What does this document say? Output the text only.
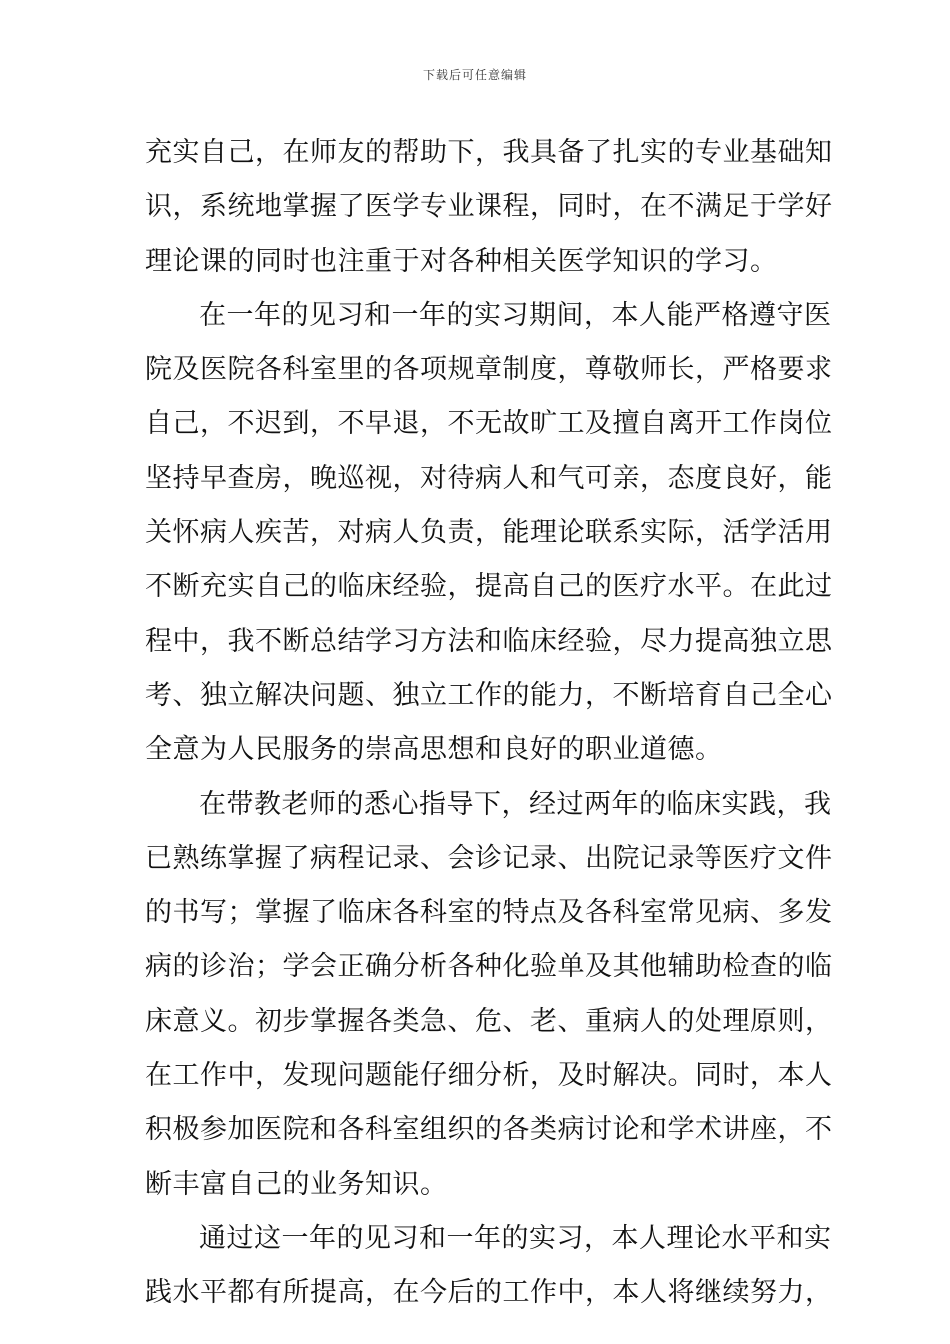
下载后可任意编辑
充实自己，在师友的帮助下，我具备了扎实的专业基础知
识，系统地掌握了医学专业课程，同时，在不满足于学好
理论课的同时也注重于对各种相关医学知识的学习。
在一年的见习和一年的实习期间，本人能严格遵守医
院及医院各科室里的各项规章制度，尊敬师长，严格要求
自己，不迟到，不早退，不无故旷工及擅自离开工作岗位
坚持早查房，晚巡视，对待病人和气可亲，态度良好，能
关怀病人疾苦，对病人负责，能理论联系实际，活学活用
不断充实自己的临床经验，提高自己的医疗水平。在此过
程中，我不断总结学习方法和临床经验，尽力提高独立思
考、独立解决问题、独立工作的能力，不断培育自己全心
全意为人民服务的崇高思想和良好的职业道德。
在带教老师的悉心指导下，经过两年的临床实践，我
已熟练掌握了病程记录、会诊记录、出院记录等医疗文件
的书写；掌握了临床各科室的特点及各科室常见病、多发
病的诊治；学会正确分析各种化验单及其他辅助检查的临
床意义。初步掌握各类急、危、老、重病人的处理原则，
在工作中，发现问题能仔细分析，及时解决。同时，本人
积极参加医院和各科室组织的各类病讨论和学术讲座，不
断丰富自己的业务知识。
通过这一年的见习和一年的实习，本人理论水平和实
践水平都有所提高，在今后的工作中，本人将继续努力，
